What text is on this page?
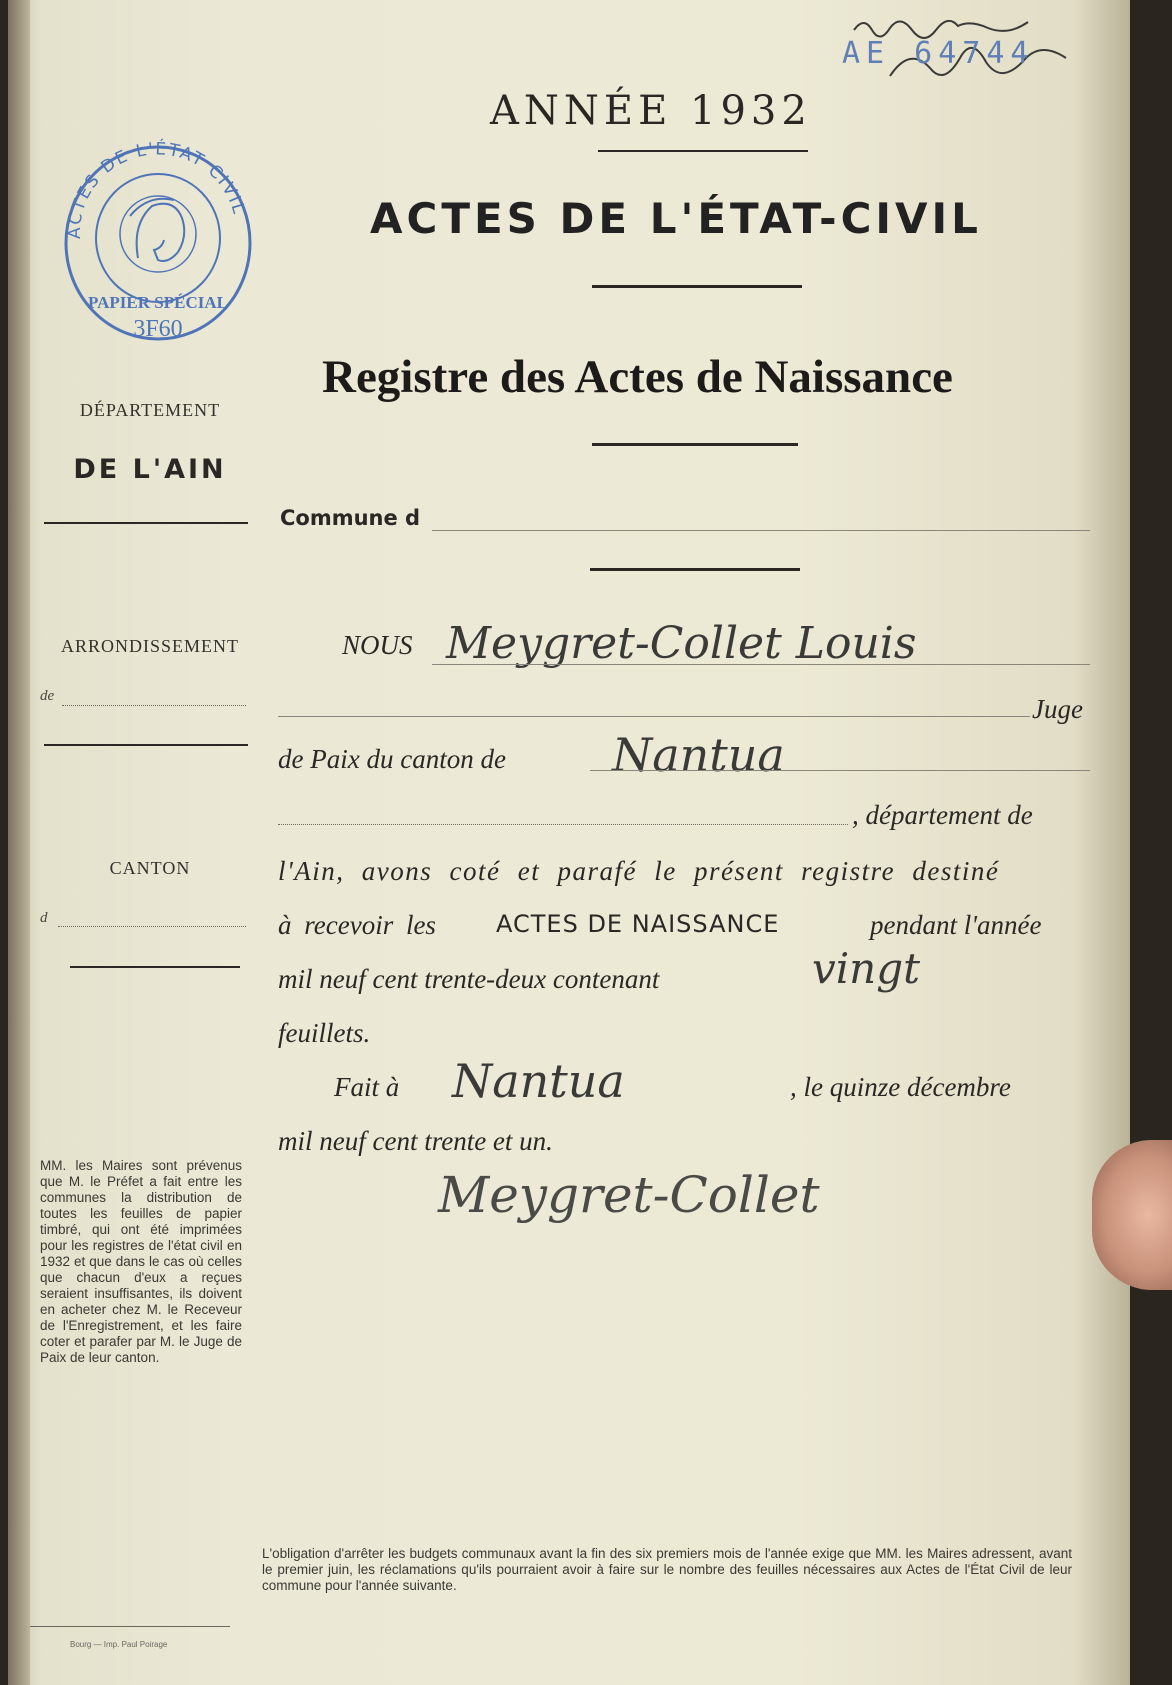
AE 64744
ACTES DE L'ÉTAT CIVIL
PAPIER SPÉCIAL
3F60
ANNÉE 1932
ACTES DE L'ÉTAT-CIVIL
Registre des Actes de Naissance
DÉPARTEMENT
DE L'AIN
ARRONDISSEMENT
de
CANTON
d
MM. les Maires sont prévenus que M. le Préfet a fait entre les communes la distribution de toutes les feuilles de papier timbré, qui ont été imprimées pour les registres de l'état civil en 1932 et que dans le cas où celles que chacun d'eux a reçues seraient insuffisantes, ils doivent en acheter chez M. le Receveur de l'Enregistrement, et les faire coter et parafer par M. le Juge de Paix de leur canton.
Commune d
NOUS Meygret-Collet Louis
Juge
de Paix du canton de Nantua
, département de
l'Ain, avons coté et parafé le présent registre destiné
à recevoir les	ACTES DE NAISSANCE	pendant l'année
mil neuf cent trente-deux contenant	vingt
feuillets.
Fait à Nantua	, le quinze décembre
mil neuf cent trente et un.
Meygret-Collet
L'obligation d'arrêter les budgets communaux avant la fin des six premiers mois de l'année exige que MM. les Maires adressent, avant le premier juin, les réclamations qu'ils pourraient avoir à faire sur le nombre des feuilles nécessaires aux Actes de l'État Civil de leur commune pour l'année suivante.
Bourg — Imp. Paul Poirage
